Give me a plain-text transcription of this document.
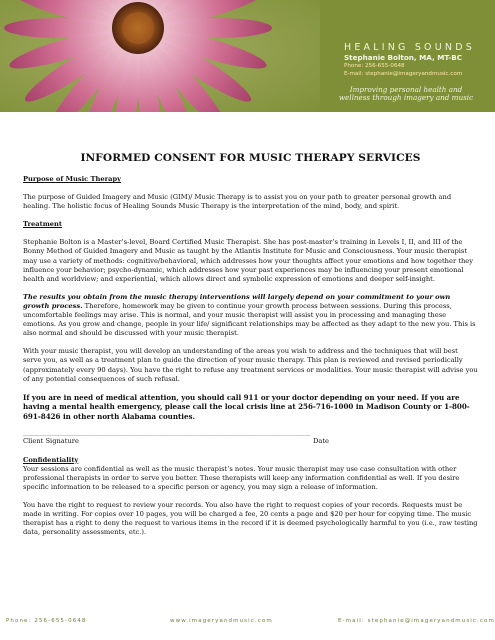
HEALING SOUNDS
Stephanie Bolton, MA, MT-BC
Phone: 256-655-0648
E-mail: stephanie@imageryandmusic.com
Improving personal health and wellness through imagery and music
INFORMED CONSENT FOR MUSIC THERAPY SERVICES
Purpose of Music Therapy
The purpose of Guided Imagery and Music (GIM)/ Music Therapy is to assist you on your path to greater personal growth and healing. The holistic focus of Healing Sounds Music Therapy is the interpretation of the mind, body, and spirit.
Treatment
Stephanie Bolton is a Master’s-level, Board Certified Music Therapist. She has post-master’s training in Levels I, II, and III of the Bonny Method of Guided Imagery and Music as taught by the Atlantis Institute for Music and Consciousness. Your music therapist may use a variety of methods: cognitive/behavioral, which addresses how your thoughts affect your emotions and how together they influence your behavior; psycho-dynamic, which addresses how your past experiences may be influencing your present emotional health and worldview; and experiential, which allows direct and symbolic expression of emotions and deeper self-insight.
The results you obtain from the music therapy interventions will largely depend on your commitment to your own growth process. Therefore, homework may be given to continue your growth process between sessions. During this process, uncomfortable feelings may arise. This is normal, and your music therapist will assist you in processing and managing these emotions. As you grow and change, people in your life/ significant relationships may be affected as they adapt to the new you. This is also normal and should be discussed with your music therapist.
With your music therapist, you will develop an understanding of the areas you wish to address and the techniques that will best serve you, as well as a treatment plan to guide the direction of your music therapy. This plan is reviewed and revised periodically (approximately every 90 days). You have the right to refuse any treatment services or modalities. Your music therapist will advise you of any potential consequences of such refusal.
If you are in need of medical attention, you should call 911 or your doctor depending on your need. If you are having a mental health emergency, please call the local crisis line at 256-716-1000 in Madison County or 1-800-691-8426 in other north Alabama counties.
____________________________________________________________________________________________
Client Signature	Date
Confidentiality
Your sessions are confidential as well as the music therapist’s notes. Your music therapist may use case consultation with other professional therapists in order to serve you better. These therapists will keep any information confidential as well. If you desire specific information to be released to a specific person or agency, you may sign a release of information.
You have the right to request to review your records. You also have the right to request copies of your records. Requests must be made in writing. For copies over 10 pages, you will be charged a fee, 20 cents a page and $20 per hour for copying time. The music therapist has a right to deny the request to various items in the record if it is deemed psychologically harmful to you (i.e., raw testing data, personality assessments, etc.).
Phone: 256-655-0648	www.imageryandmusic.com	E-mail: stephanie@imageryandmusic.com
